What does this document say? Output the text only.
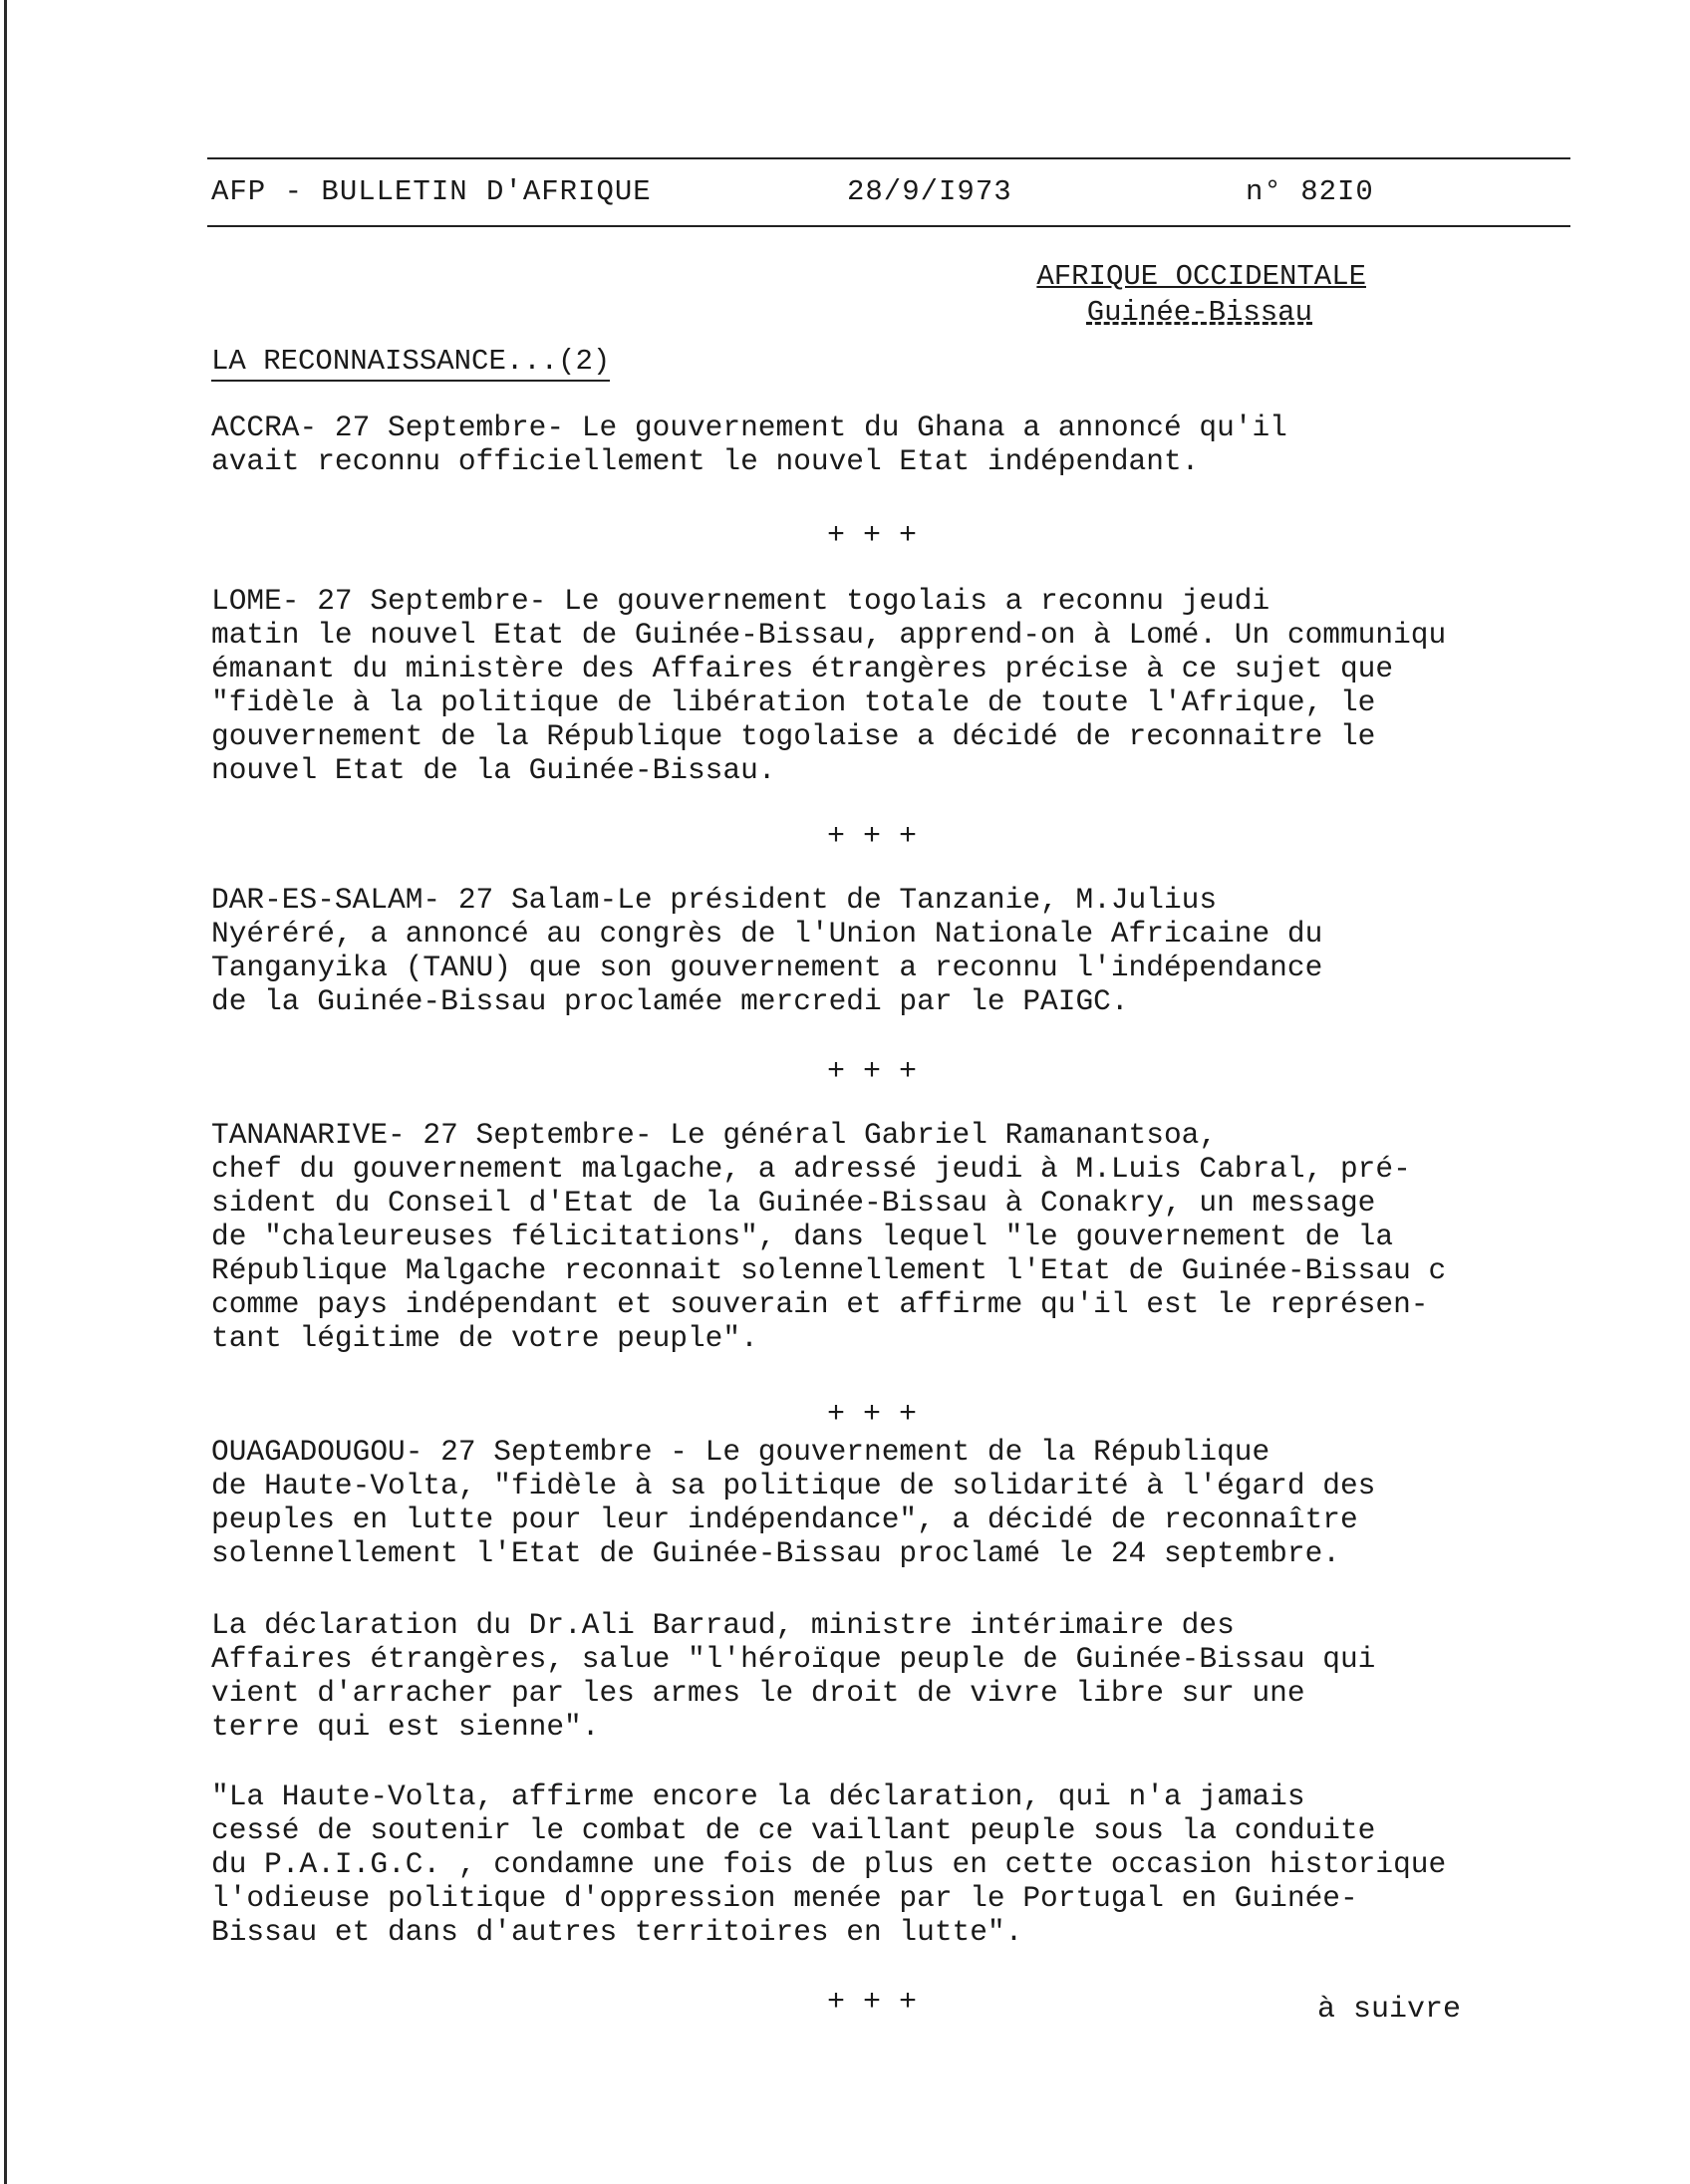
AFP - BULLETIN D'AFRIQUE	28/9/I973	n° 82I0
AFRIQUE OCCIDENTALE
Guinée-Bissau
LA RECONNAISSANCE...(2)
ACCRA- 27 Septembre- Le gouvernement du Ghana a annoncé qu'il
avait reconnu officiellement le nouvel Etat indépendant.
+ + +
LOME- 27 Septembre- Le gouvernement togolais a reconnu jeudi
matin le nouvel Etat de Guinée-Bissau, apprend-on à Lomé. Un communiqu
émanant du ministère des Affaires étrangères précise à ce sujet que
"fidèle à la politique de libération totale de toute l'Afrique, le
gouvernement de la République togolaise a décidé de reconnaitre le
nouvel Etat de la Guinée-Bissau.
+ + +
DAR-ES-SALAM- 27 Salam-Le président de Tanzanie, M.Julius
Nyéréré, a annoncé au congrès de l'Union Nationale Africaine du
Tanganyika (TANU) que son gouvernement a reconnu l'indépendance
de la Guinée-Bissau proclamée mercredi par le PAIGC.
+ + +
TANANARIVE- 27 Septembre- Le général Gabriel Ramanantsoa,
chef du gouvernement malgache, a adressé jeudi à M.Luis Cabral, pré-
sident du Conseil d'Etat de la Guinée-Bissau à Conakry, un message
de "chaleureuses félicitations", dans lequel "le gouvernement de la
République Malgache reconnait solennellement l'Etat de Guinée-Bissau c
comme pays indépendant et souverain et affirme qu'il est le représen-
tant légitime de votre peuple".
+ + +
OUAGADOUGOU- 27 Septembre - Le gouvernement de la République
de Haute-Volta, "fidèle à sa politique de solidarité à l'égard des
peuples en lutte pour leur indépendance", a décidé de reconnaître
solennellement l'Etat de Guinée-Bissau proclamé le 24 septembre.
La déclaration du Dr.Ali Barraud, ministre intérimaire des
Affaires étrangères, salue "l'héroïque peuple de Guinée-Bissau qui
vient d'arracher par les armes le droit de vivre libre sur une
terre qui est sienne".
"La Haute-Volta, affirme encore la déclaration, qui n'a jamais
cessé de soutenir le combat de ce vaillant peuple sous la conduite
du P.A.I.G.C. , condamne une fois de plus en cette occasion historique
l'odieuse politique d'oppression menée par le Portugal en Guinée-
Bissau et dans d'autres territoires en lutte".
+ + +	à suivre
